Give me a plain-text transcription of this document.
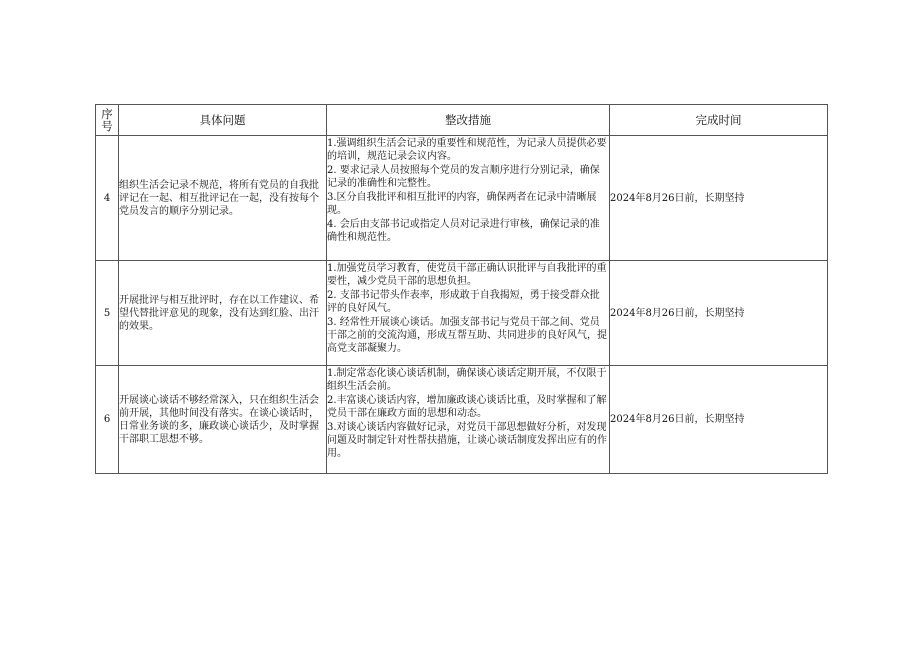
序号	具体问题	整改措施	完成时间
4	组织生活会记录不规范，将所有党员的自我批评记在一起、相互批评记在一起，没有按每个党员发言的顺序分别记录。	1.强调组织生活会记录的重要性和规范性，为记录人员提供必要的培训，规范记录会议内容。
2. 要求记录人员按照每个党员的发言顺序进行分别记录，确保记录的准确性和完整性。
3.区分自我批评和相互批评的内容，确保两者在记录中清晰展现。
4. 会后由支部书记或指定人员对记录进行审核，确保记录的准确性和规范性。	2024年8月26日前，长期坚持
5	开展批评与相互批评时，存在以工作建议、希望代替批评意见的现象，没有达到红脸、出汗的效果。	1.加强党员学习教育，使党员干部正确认识批评与自我批评的重要性，减少党员干部的思想负担。
2. 支部书记带头作表率，形成敢于自我揭短，勇于接受群众批评的良好风气。
3. 经常性开展谈心谈话。加强支部书记与党员干部之间、党员干部之前的交流沟通，形成互帮互助、共同进步的良好风气，提高党支部凝聚力。	2024年8月26日前，长期坚持
6	开展谈心谈话不够经常深入，只在组织生活会前开展，其他时间没有落实。在谈心谈话时，日常业务谈的多，廉政谈心谈话少，及时掌握干部职工思想不够。	1.制定常态化谈心谈话机制，确保谈心谈话定期开展，不仅限于组织生活会前。
2.丰富谈心谈话内容，增加廉政谈心谈话比重，及时掌握和了解党员干部在廉政方面的思想和动态。
3.对谈心谈话内容做好记录，对党员干部思想做好分析，对发现问题及时制定针对性帮扶措施，让谈心谈话制度发挥出应有的作用。	2024年8月26日前，长期坚持
